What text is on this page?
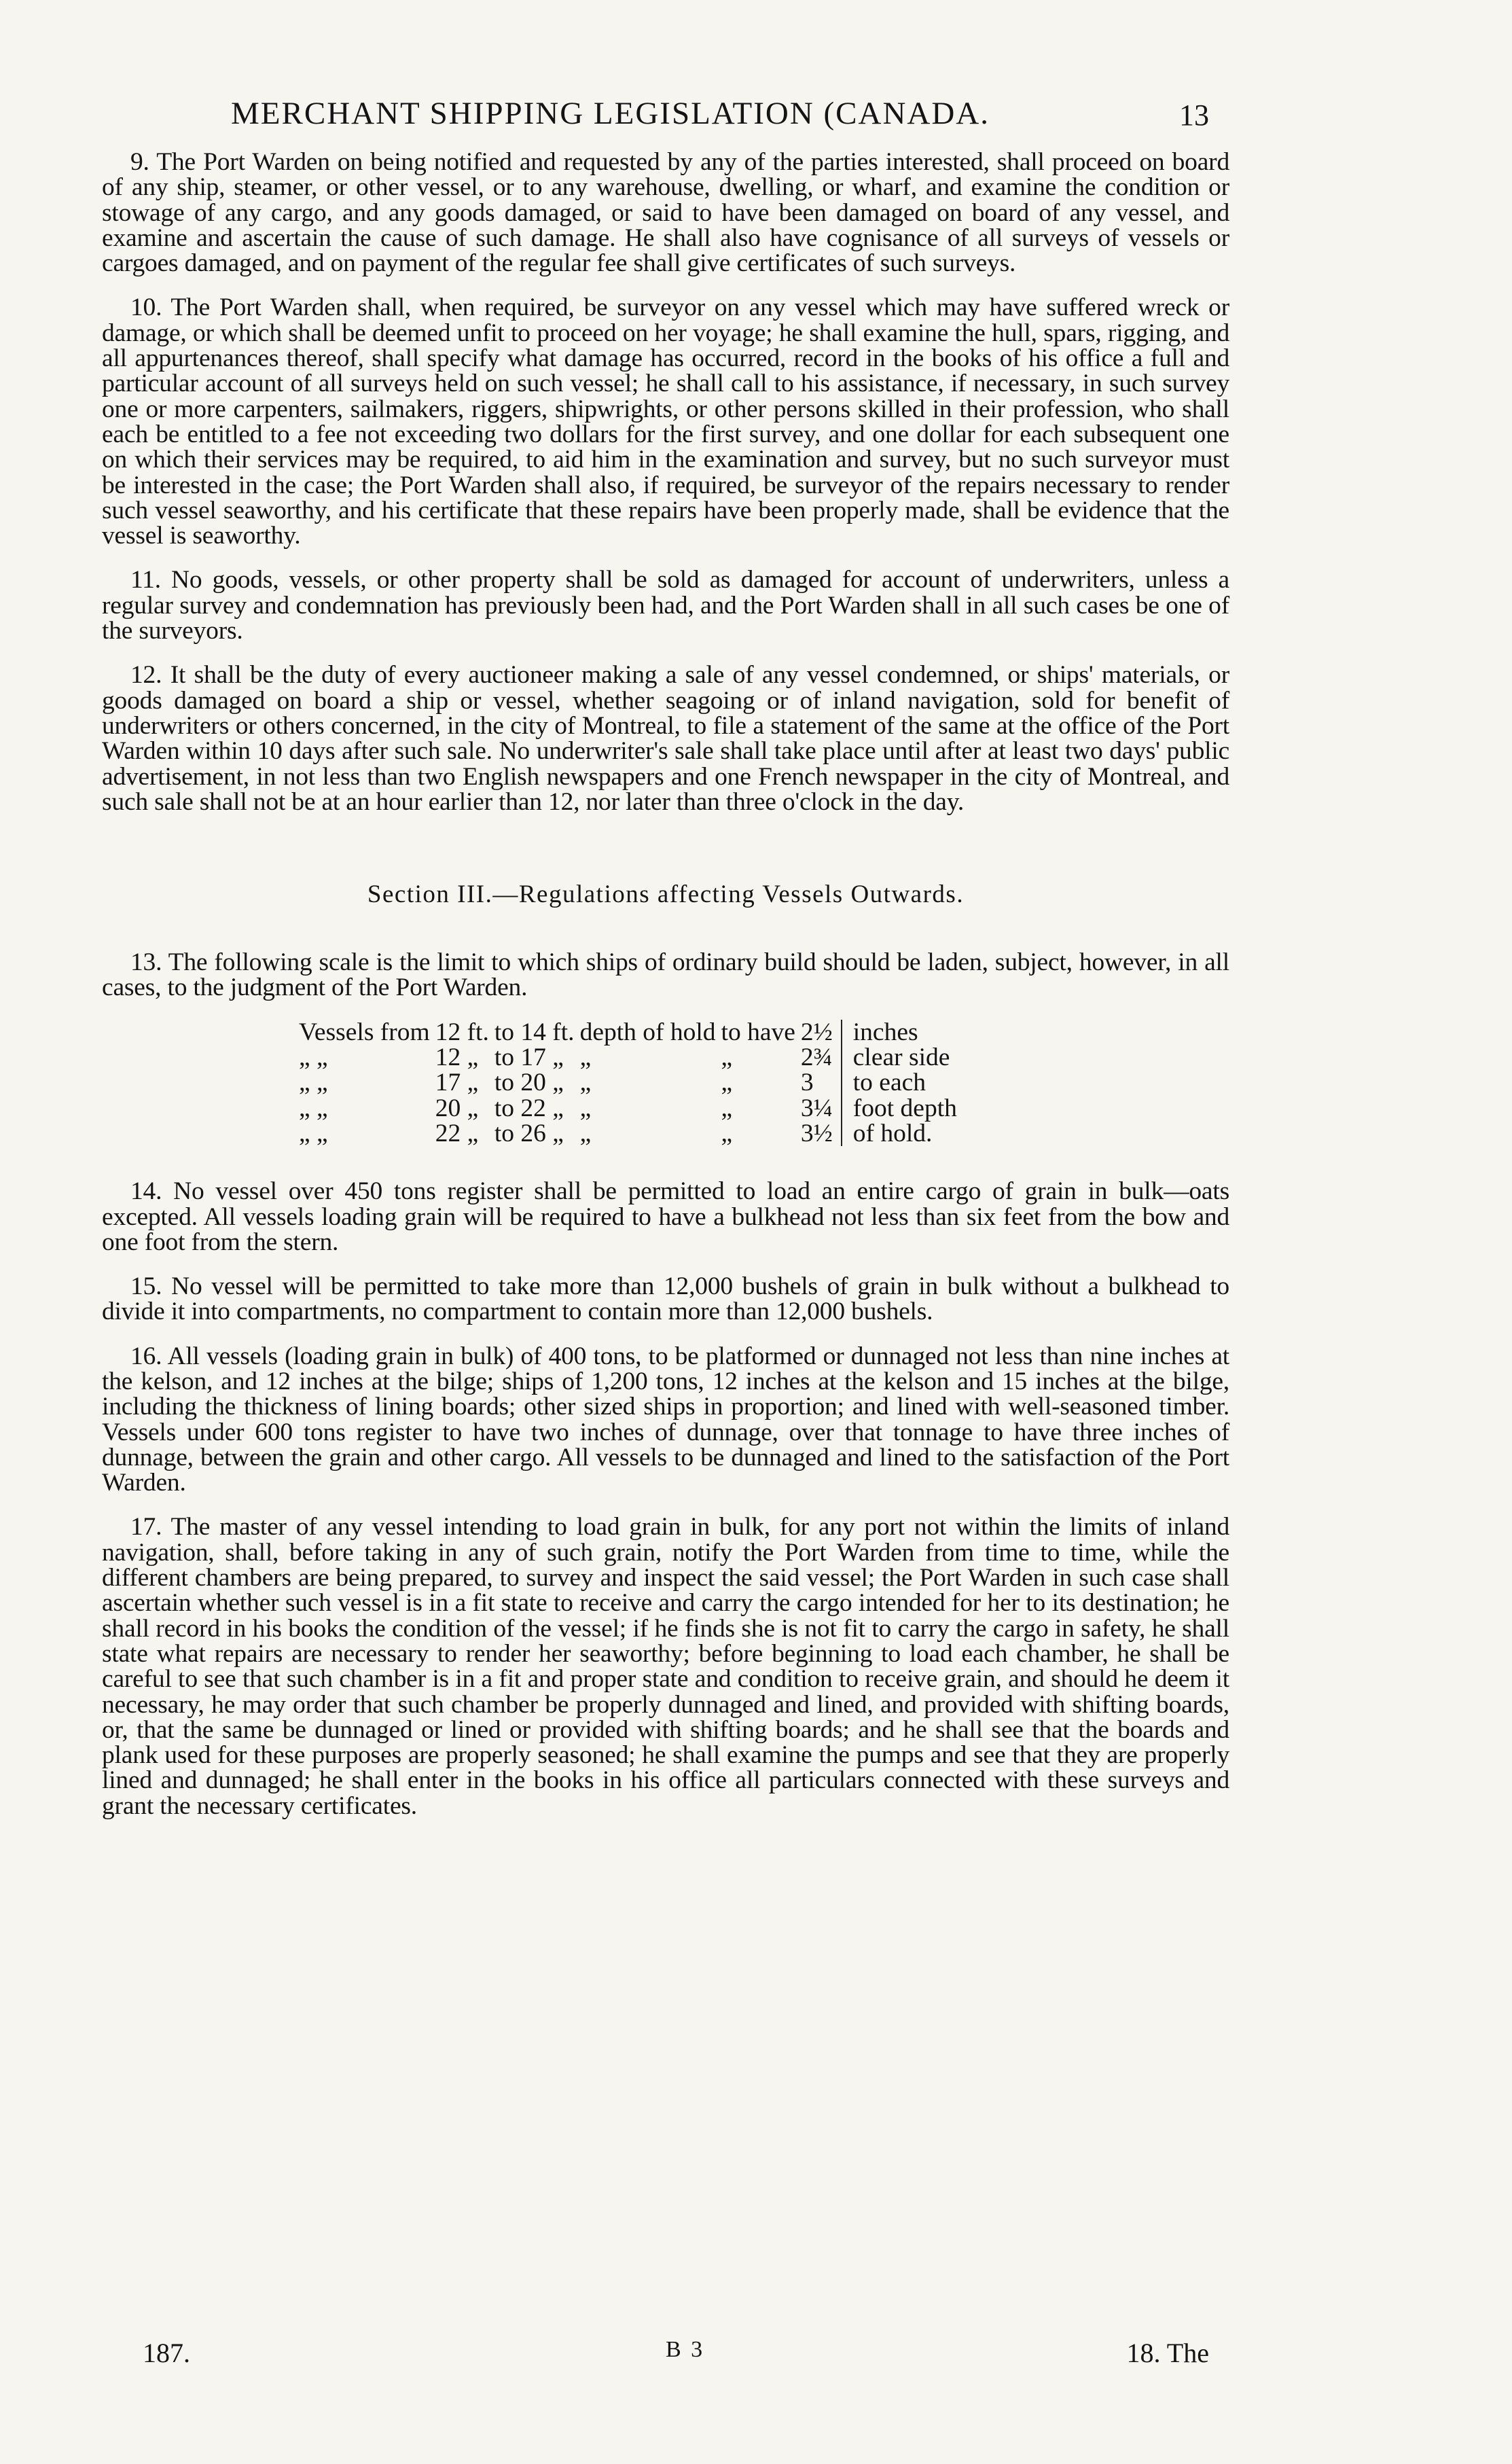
MERCHANT SHIPPING LEGISLATION (CANADA.	13

9. The Port Warden on being notified and requested by any of the parties interested, shall proceed on board of any ship, steamer, or other vessel, or to any warehouse, dwelling, or wharf, and examine the condition or stowage of any cargo, and any goods damaged, or said to have been damaged on board of any vessel, and examine and ascertain the cause of such damage. He shall also have cognisance of all surveys of vessels or cargoes damaged, and on payment of the regular fee shall give certificates of such surveys.

10. The Port Warden shall, when required, be surveyor on any vessel which may have suffered wreck or damage, or which shall be deemed unfit to proceed on her voyage; he shall examine the hull, spars, rigging, and all appurtenances thereof, shall specify what damage has occurred, record in the books of his office a full and particular account of all surveys held on such vessel; he shall call to his assistance, if necessary, in such survey one or more carpenters, sailmakers, riggers, shipwrights, or other persons skilled in their profession, who shall each be entitled to a fee not exceeding two dollars for the first survey, and one dollar for each subsequent one on which their services may be required, to aid him in the examination and survey, but no such surveyor must be interested in the case; the Port Warden shall also, if required, be surveyor of the repairs necessary to render such vessel seaworthy, and his certificate that these repairs have been properly made, shall be evidence that the vessel is seaworthy.

11. No goods, vessels, or other property shall be sold as damaged for account of underwriters, unless a regular survey and condemnation has previously been had, and the Port Warden shall in all such cases be one of the surveyors.

12. It shall be the duty of every auctioneer making a sale of any vessel condemned, or ships' materials, or goods damaged on board a ship or vessel, whether seagoing or of inland navigation, sold for benefit of underwriters or others concerned, in the city of Montreal, to file a statement of the same at the office of the Port Warden within 10 days after such sale. No underwriter's sale shall take place until after at least two days' public advertisement, in not less than two English newspapers and one French newspaper in the city of Montreal, and such sale shall not be at an hour earlier than 12, nor later than three o'clock in the day.

Section III.—Regulations affecting Vessels Outwards.

13. The following scale is the limit to which ships of ordinary build should be laden, subject, however, in all cases, to the judgment of the Port Warden.

Vessels from	12 ft.	to 14 ft.	depth of hold	to have	2½	inches
„ „	12 „	to 17 „	„	„	2¾	clear side
„ „	17 „	to 20 „	„	„	3	to each
„ „	20 „	to 22 „	„	„	3¼	foot depth
„ „	22 „	to 26 „	„	„	3½	of hold.

14. No vessel over 450 tons register shall be permitted to load an entire cargo of grain in bulk—oats excepted. All vessels loading grain will be required to have a bulkhead not less than six feet from the bow and one foot from the stern.

15. No vessel will be permitted to take more than 12,000 bushels of grain in bulk without a bulkhead to divide it into compartments, no compartment to contain more than 12,000 bushels.

16. All vessels (loading grain in bulk) of 400 tons, to be platformed or dunnaged not less than nine inches at the kelson, and 12 inches at the bilge; ships of 1,200 tons, 12 inches at the kelson and 15 inches at the bilge, including the thickness of lining boards; other sized ships in proportion; and lined with well-seasoned timber. Vessels under 600 tons register to have two inches of dunnage, over that tonnage to have three inches of dunnage, between the grain and other cargo. All vessels to be dunnaged and lined to the satisfaction of the Port Warden.

17. The master of any vessel intending to load grain in bulk, for any port not within the limits of inland navigation, shall, before taking in any of such grain, notify the Port Warden from time to time, while the different chambers are being prepared, to survey and inspect the said vessel; the Port Warden in such case shall ascertain whether such vessel is in a fit state to receive and carry the cargo intended for her to its destination; he shall record in his books the condition of the vessel; if he finds she is not fit to carry the cargo in safety, he shall state what repairs are necessary to render her seaworthy; before beginning to load each chamber, he shall be careful to see that such chamber is in a fit and proper state and condition to receive grain, and should he deem it necessary, he may order that such chamber be properly dunnaged and lined, and provided with shifting boards, or, that the same be dunnaged or lined or provided with shifting boards; and he shall see that the boards and plank used for these purposes are properly seasoned; he shall examine the pumps and see that they are properly lined and dunnaged; he shall enter in the books in his office all particulars connected with these surveys and grant the necessary certificates.

187.	B 3	18. The
